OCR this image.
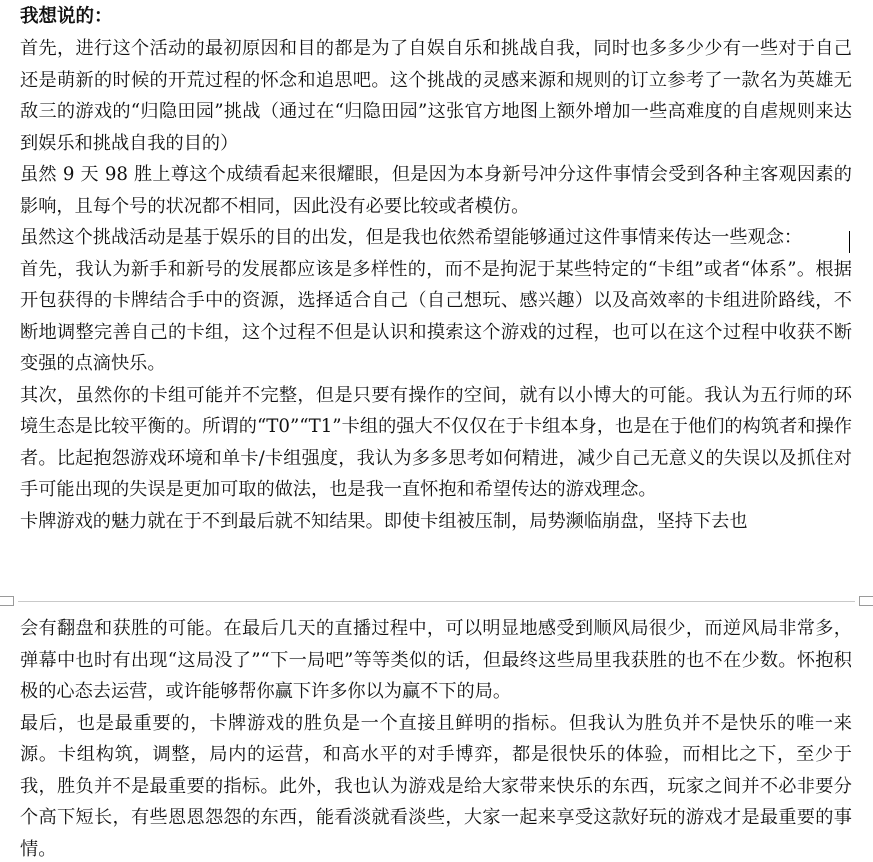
我想说的：

首先，进行这个活动的最初原因和目的都是为了自娱自乐和挑战自我，同时也多多少少有一些对于自己还是萌新的时候的开荒过程的怀念和追思吧。这个挑战的灵感来源和规则的订立参考了一款名为英雄无敌三的游戏的“归隐田园”挑战（通过在“归隐田园”这张官方地图上额外增加一些高难度的自虐规则来达到娱乐和挑战自我的目的）

虽然 9 天 98 胜上尊这个成绩看起来很耀眼，但是因为本身新号冲分这件事情会受到各种主客观因素的影响，且每个号的状况都不相同，因此没有必要比较或者模仿。

虽然这个挑战活动是基于娱乐的目的出发，但是我也依然希望能够通过这件事情来传达一些观念：

首先，我认为新手和新号的发展都应该是多样性的，而不是拘泥于某些特定的“卡组”或者“体系”。根据开包获得的卡牌结合手中的资源，选择适合自己（自己想玩、感兴趣）以及高效率的卡组进阶路线，不断地调整完善自己的卡组，这个过程不但是认识和摸索这个游戏的过程，也可以在这个过程中收获不断变强的点滴快乐。

其次，虽然你的卡组可能并不完整，但是只要有操作的空间，就有以小博大的可能。我认为五行师的环境生态是比较平衡的。所谓的“T0”“T1”卡组的强大不仅仅在于卡组本身，也是在于他们的构筑者和操作者。比起抱怨游戏环境和单卡/卡组强度，我认为多多思考如何精进，减少自己无意义的失误以及抓住对手可能出现的失误是更加可取的做法，也是我一直怀抱和希望传达的游戏理念。

卡牌游戏的魅力就在于不到最后就不知结果。即使卡组被压制，局势濒临崩盘，坚持下去也

会有翻盘和获胜的可能。在最后几天的直播过程中，可以明显地感受到顺风局很少，而逆风局非常多，弹幕中也时有出现“这局没了”“下一局吧”等等类似的话，但最终这些局里我获胜的也不在少数。怀抱积极的心态去运营，或许能够帮你赢下许多你以为赢不下的局。

最后，也是最重要的，卡牌游戏的胜负是一个直接且鲜明的指标。但我认为胜负并不是快乐的唯一来源。卡组构筑，调整，局内的运营，和高水平的对手博弈，都是很快乐的体验，而相比之下，至少于我，胜负并不是最重要的指标。此外，我也认为游戏是给大家带来快乐的东西，玩家之间并不必非要分个高下短长，有些恩恩怨怨的东西，能看淡就看淡些，大家一起来享受这款好玩的游戏才是最重要的事情。
